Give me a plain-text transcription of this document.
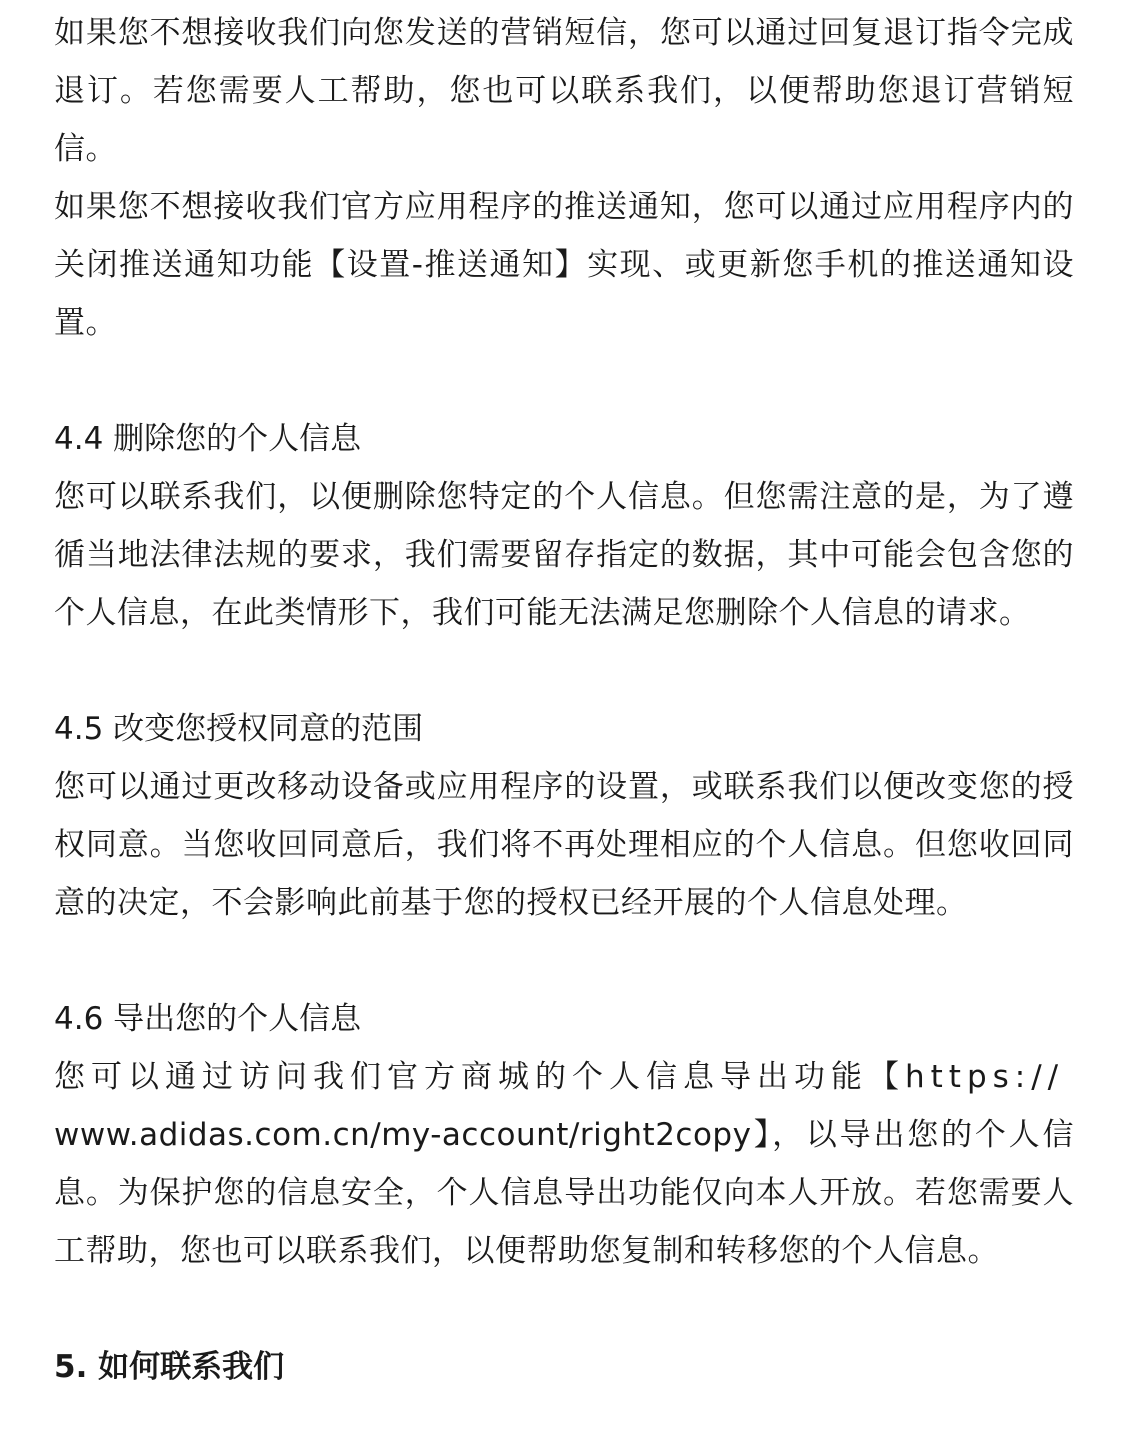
如果您不想接收我们向您发送的营销短信，您可以通过回复退订指令完成退订。若您需要人工帮助，您也可以联系我们，以便帮助您退订营销短信。

如果您不想接收我们官方应用程序的推送通知，您可以通过应用程序内的关闭推送通知功能【设置-推送通知】实现、或更新您手机的推送通知设置。

4.4 删除您的个人信息

您可以联系我们，以便删除您特定的个人信息。但您需注意的是，为了遵循当地法律法规的要求，我们需要留存指定的数据，其中可能会包含您的个人信息，在此类情形下，我们可能无法满足您删除个人信息的请求。

4.5 改变您授权同意的范围

您可以通过更改移动设备或应用程序的设置，或联系我们以便改变您的授权同意。当您收回同意后，我们将不再处理相应的个人信息。但您收回同意的决定，不会影响此前基于您的授权已经开展的个人信息处理。

4.6 导出您的个人信息

您可以通过访问我们官方商城的个人信息导出功能【https://

www.adidas.com.cn/my-account/right2copy】，以导出您的个人信息。为保护您的信息安全，个人信息导出功能仅向本人开放。若您需要人工帮助，您也可以联系我们，以便帮助您复制和转移您的个人信息。

5. 如何联系我们
